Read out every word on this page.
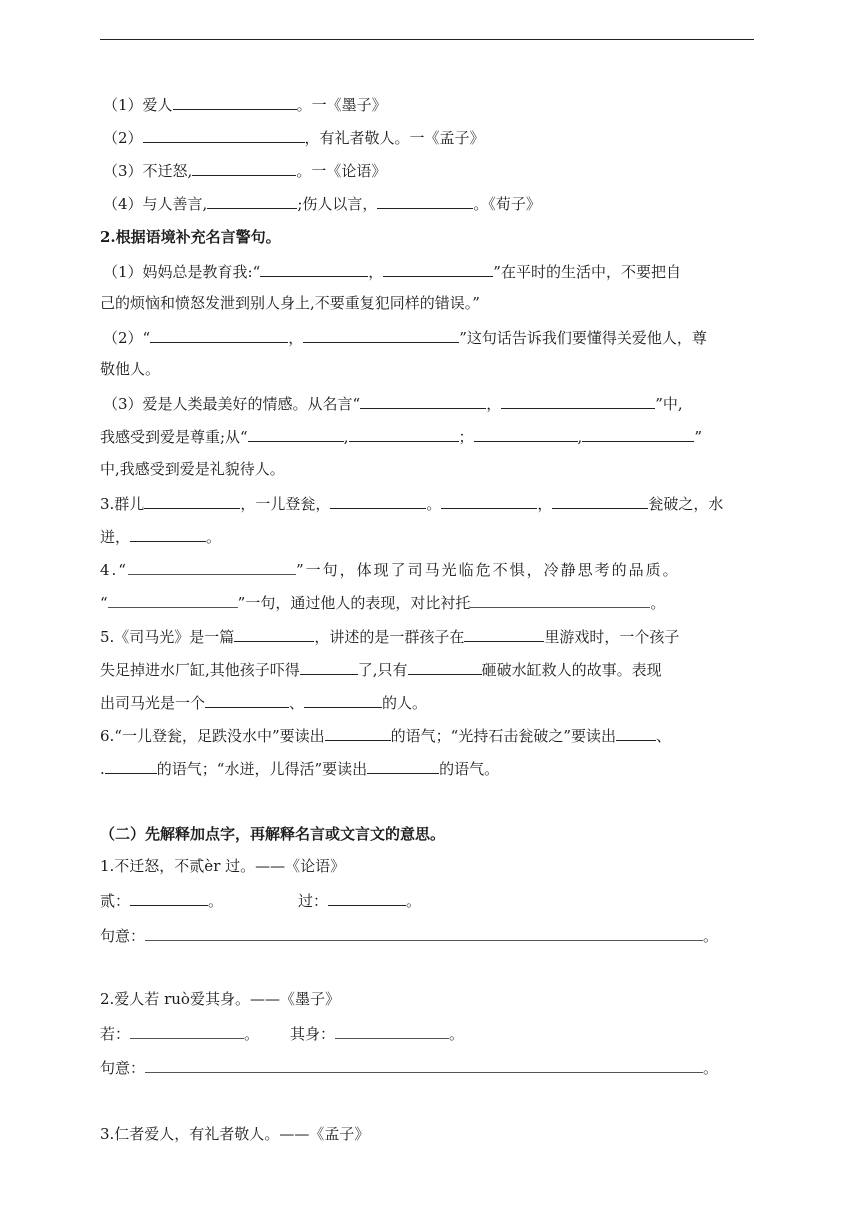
（1）爱人	。一《墨子》
（2）	，有礼者敬人。一《孟子》
（3）不迁怒,	。一《论语》
（4）与人善言,	;伤人以言，	。《荀子》
2.根据语境补充名言警句。
（1）妈妈总是教育我:“	，	”在平时的生活中，不要把自
己的烦恼和愤怒发泄到别人身上,不要重复犯同样的错误。”
（2）“	，	”这句话告诉我们要懂得关爱他人，尊
敬他人。
（3）爱是人类最美好的情感。从名言“	，	”中,
我感受到爱是尊重;从“	,	；	,	”
中,我感受到爱是礼貌待人。
3.群儿	，一儿登瓮，	。	，	瓮破之，水
迸，	。
4.“	”一句，体现了司马光临危不惧，冷静思考的品质。
“	”一句，通过他人的表现，对比衬托	。
5.《司马光》是一篇	，讲述的是一群孩子在	里游戏时，一个孩子
失足掉进水厂缸,其他孩子吓得	了,只有	砸破水缸救人的故事。表现
出司马光是一个	、	的人。
6.“一儿登瓮，足跌没水中”要读出	的语气；“光持石击瓮破之”要读出	、
.	的语气；“水迸，儿得活”要读出	的语气。
（二）先解释加点字，再解释名言或文言文的意思。
1.不迁怒，不贰èr 过。——《论语》
贰：	。	过：	。
句意：	。
2.爱人若 ruò爱其身。——《墨子》
若：	。 其身：	。
句意：	。
3.仁者爱人，有礼者敬人。——《孟子》
